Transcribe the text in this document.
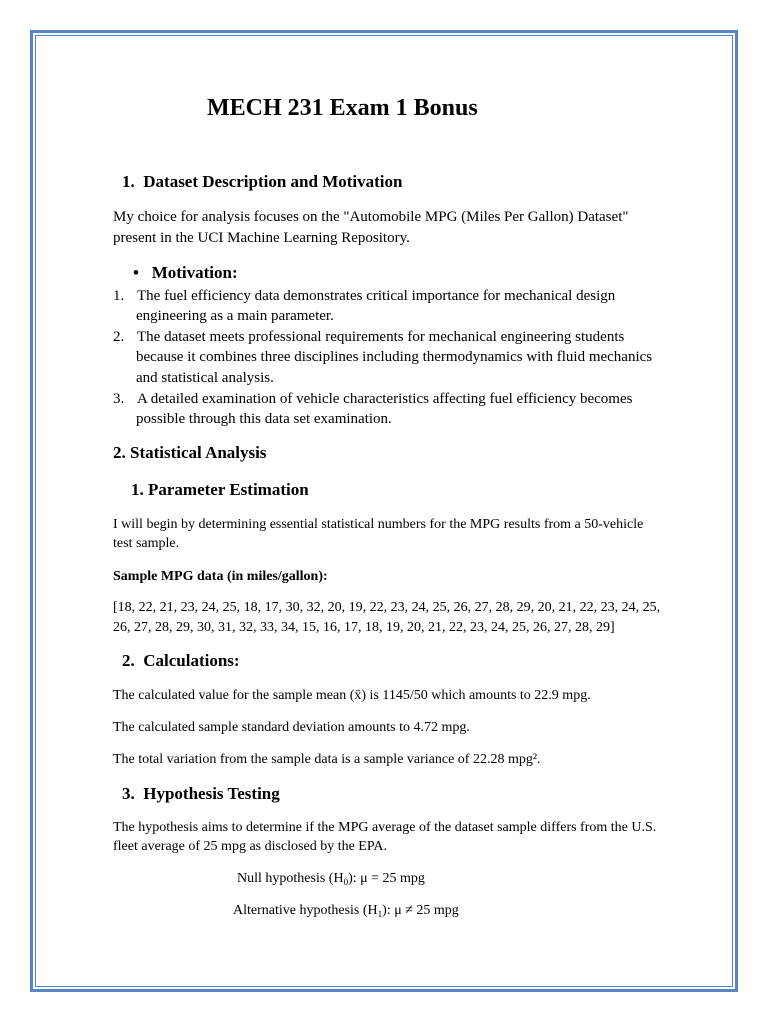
MECH 231 Exam 1 Bonus
1. Dataset Description and Motivation

My choice for analysis focuses on the "Automobile MPG (Miles Per Gallon) Dataset"

present in the UCI Machine Learning Repository.

• Motivation:
1. The fuel efficiency data demonstrates critical importance for mechanical design

engineering as a main parameter.

2. The dataset meets professional requirements for mechanical engineering students

because it combines three disciplines including thermodynamics with fluid mechanics

and statistical analysis.

3. A detailed examination of vehicle characteristics affecting fuel efficiency becomes

possible through this data set examination.

2. Statistical Analysis
1. Parameter Estimation

I will begin by determining essential statistical numbers for the MPG results from a 50-vehicle

test sample.

Sample MPG data (in miles/gallon):

[18, 22, 21, 23, 24, 25, 18, 17, 30, 32, 20, 19, 22, 23, 24, 25, 26, 27, 28, 29, 20, 21, 22, 23, 24, 25,

26, 27, 28, 29, 30, 31, 32, 33, 34, 15, 16, 17, 18, 19, 20, 21, 22, 23, 24, 25, 26, 27, 28, 29]

2. Calculations:

The calculated value for the sample mean (x̄) is 1145/50 which amounts to 22.9 mpg.

The calculated sample standard deviation amounts to 4.72 mpg.

The total variation from the sample data is a sample variance of 22.28 mpg².

3. Hypothesis Testing

The hypothesis aims to determine if the MPG average of the dataset sample differs from the U.S.

fleet average of 25 mpg as disclosed by the EPA.

Null hypothesis $(H_0)$: μ = 25 mpg

Alternative hypothesis $(H_1)$: μ ≠ 25 mpg
